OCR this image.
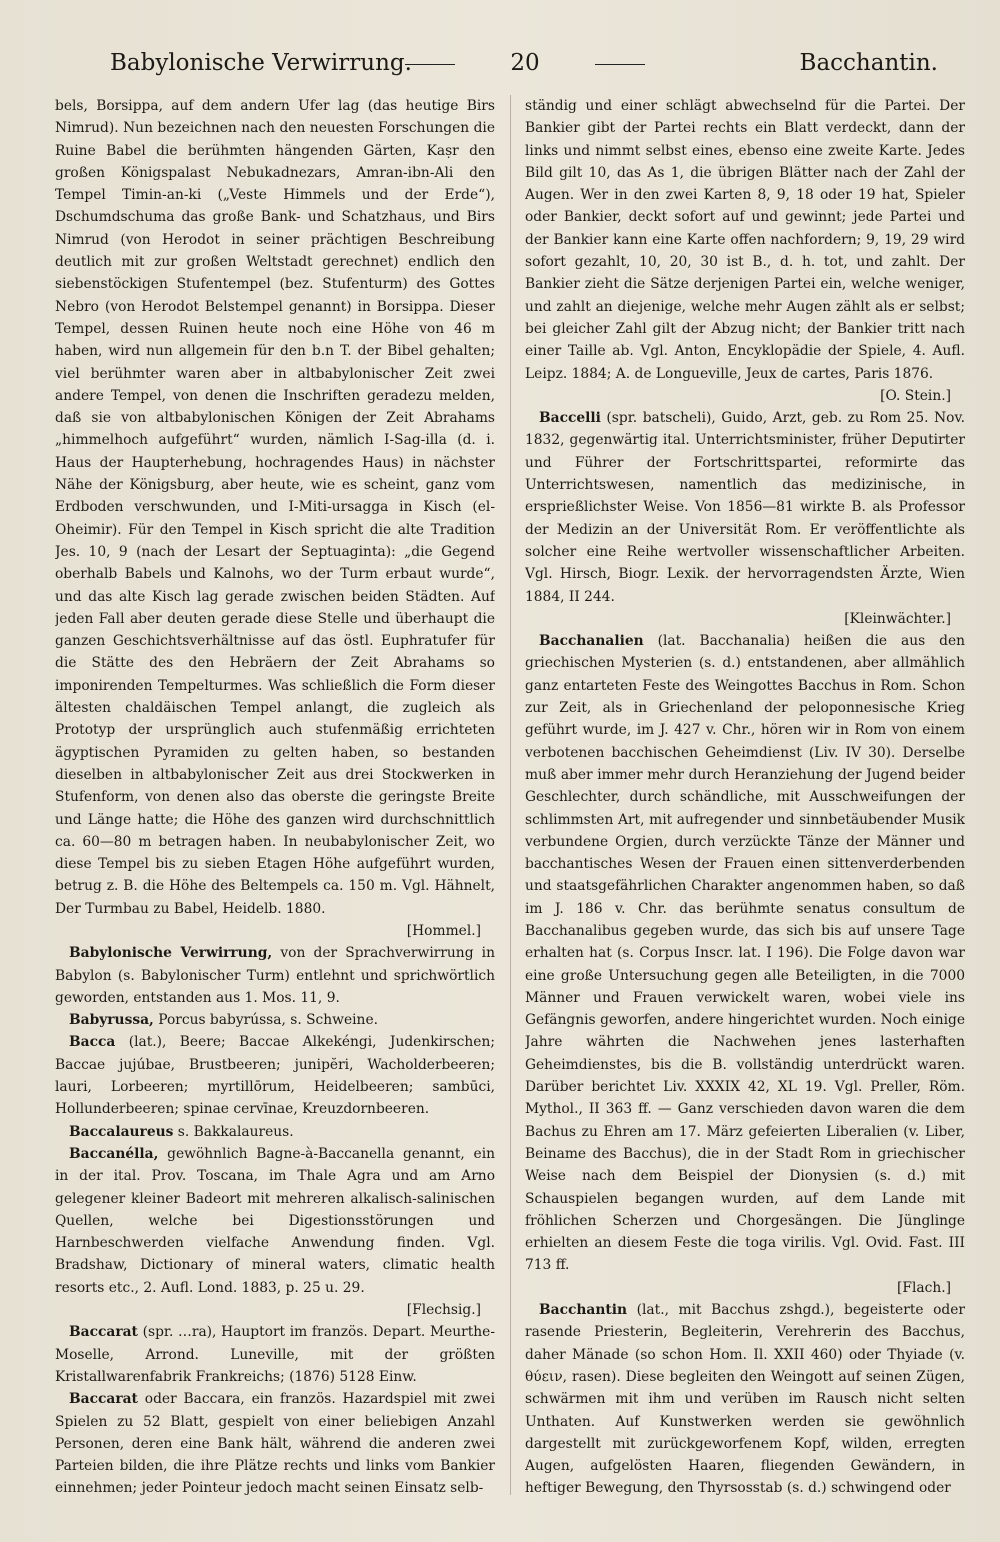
Babylonische Verwirrung.	20	Bacchantin.

bels, Borsippa, auf dem andern Ufer lag (das heutige Birs Nimrud). Nun bezeichnen nach den neuesten Forschungen die Ruine Babel die berühmten hängenden Gärten, Kaṣr den großen Königspalast Nebukadnezars, Amran-ibn-Ali den Tempel Timin-an-ki („Veste Himmels und der Erde“), Dschumdschuma das große Bank- und Schatzhaus, und Birs Nimrud (von Herodot in seiner prächtigen Beschreibung deutlich mit zur großen Weltstadt gerechnet) endlich den siebenstöckigen Stufentempel (bez. Stufenturm) des Gottes Nebro (von Herodot Belstempel genannt) in Borsippa. Dieser Tempel, dessen Ruinen heute noch eine Höhe von 46 m haben, wird nun allgemein für den b.n T. der Bibel gehalten; viel berühmter waren aber in altbabylonischer Zeit zwei andere Tempel, von denen die Inschriften geradezu melden, daß sie von altbabylonischen Königen der Zeit Abrahams „himmelhoch aufgeführt“ wurden, nämlich I-Sag-illa (d. i. Haus der Haupterhebung, hochragendes Haus) in nächster Nähe der Königsburg, aber heute, wie es scheint, ganz vom Erdboden verschwunden, und I-Miti-ursagga in Kisch (el-Oheimir). Für den Tempel in Kisch spricht die alte Tradition Jes. 10, 9 (nach der Lesart der Septuaginta): „die Gegend oberhalb Babels und Kalnohs, wo der Turm erbaut wurde“, und das alte Kisch lag gerade zwischen beiden Städten. Auf jeden Fall aber deuten gerade diese Stelle und überhaupt die ganzen Geschichtsverhältnisse auf das östl. Euphratufer für die Stätte des den Hebräern der Zeit Abrahams so imponirenden Tempelturmes. Was schließlich die Form dieser ältesten chaldäischen Tempel anlangt, die zugleich als Prototyp der ursprünglich auch stufenmäßig errichteten ägyptischen Pyramiden zu gelten haben, so bestanden dieselben in altbabylonischer Zeit aus drei Stockwerken in Stufenform, von denen also das oberste die geringste Breite und Länge hatte; die Höhe des ganzen wird durchschnittlich ca. 60—80 m betragen haben. In neubabylonischer Zeit, wo diese Tempel bis zu sieben Etagen Höhe aufgeführt wurden, betrug z. B. die Höhe des Beltempels ca. 150 m. Vgl. Hähnelt, Der Turmbau zu Babel, Heidelb. 1880.
[Hommel.]

Babylonische Verwirrung, von der Sprachverwirrung in Babylon (s. Babylonischer Turm) entlehnt und sprichwörtlich geworden, entstanden aus 1. Mos. 11, 9.

Babyrussa, Porcus babyrússa, s. Schweine.

Bacca (lat.), Beere; Baccae Alkekéngi, Judenkirschen; Baccae jujúbae, Brustbeeren; junipĕri, Wacholderbeeren; lauri, Lorbeeren; myrtillōrum, Heidelbeeren; sambūci, Hollunderbeeren; spinae cervīnae, Kreuzdornbeeren.

Baccalaureus s. Bakkalaureus.

Baccanélla, gewöhnlich Bagne-à-Baccanella genannt, ein in der ital. Prov. Toscana, im Thale Agra und am Arno gelegener kleiner Badeort mit mehreren alkalisch-salinischen Quellen, welche bei Digestionsstörungen und Harnbeschwerden vielfache Anwendung finden. Vgl. Bradshaw, Dictionary of mineral waters, climatic health resorts etc., 2. Aufl. Lond. 1883, p. 25 u. 29.
[Flechsig.]

Baccarat (spr. …ra), Hauptort im französ. Depart. Meurthe-Moselle, Arrond. Luneville, mit der größten Kristallwarenfabrik Frankreichs; (1876) 5128 Einw.

Baccarat oder Baccara, ein französ. Hazardspiel mit zwei Spielen zu 52 Blatt, gespielt von einer beliebigen Anzahl Personen, deren eine Bank hält, während die anderen zwei Parteien bilden, die ihre Plätze rechts und links vom Bankier einnehmen; jeder Pointeur jedoch macht seinen Einsatz selb-

ständig und einer schlägt abwechselnd für die Partei. Der Bankier gibt der Partei rechts ein Blatt verdeckt, dann der links und nimmt selbst eines, ebenso eine zweite Karte. Jedes Bild gilt 10, das As 1, die übrigen Blätter nach der Zahl der Augen. Wer in den zwei Karten 8, 9, 18 oder 19 hat, Spieler oder Bankier, deckt sofort auf und gewinnt; jede Partei und der Bankier kann eine Karte offen nachfordern; 9, 19, 29 wird sofort gezahlt, 10, 20, 30 ist B., d. h. tot, und zahlt. Der Bankier zieht die Sätze derjenigen Partei ein, welche weniger, und zahlt an diejenige, welche mehr Augen zählt als er selbst; bei gleicher Zahl gilt der Abzug nicht; der Bankier tritt nach einer Taille ab. Vgl. Anton, Encyklopädie der Spiele, 4. Aufl. Leipz. 1884; A. de Longueville, Jeux de cartes, Paris 1876.
[O. Stein.]

Baccelli (spr. batscheli), Guido, Arzt, geb. zu Rom 25. Nov. 1832, gegenwärtig ital. Unterrichtsminister, früher Deputirter und Führer der Fortschrittspartei, reformirte das Unterrichtswesen, namentlich das medizinische, in ersprießlichster Weise. Von 1856—81 wirkte B. als Professor der Medizin an der Universität Rom. Er veröffentlichte als solcher eine Reihe wertvoller wissenschaftlicher Arbeiten. Vgl. Hirsch, Biogr. Lexik. der hervorragendsten Ärzte, Wien 1884, II 244.
[Kleinwächter.]

Bacchanalien (lat. Bacchanalia) heißen die aus den griechischen Mysterien (s. d.) entstandenen, aber allmählich ganz entarteten Feste des Weingottes Bacchus in Rom. Schon zur Zeit, als in Griechenland der peloponnesische Krieg geführt wurde, im J. 427 v. Chr., hören wir in Rom von einem verbotenen bacchischen Geheimdienst (Liv. IV 30). Derselbe muß aber immer mehr durch Heranziehung der Jugend beider Geschlechter, durch schändliche, mit Ausschweifungen der schlimmsten Art, mit aufregender und sinnbetäubender Musik verbundene Orgien, durch verzückte Tänze der Männer und bacchantisches Wesen der Frauen einen sittenverderbenden und staatsgefährlichen Charakter angenommen haben, so daß im J. 186 v. Chr. das berühmte senatus consultum de Bacchanalibus gegeben wurde, das sich bis auf unsere Tage erhalten hat (s. Corpus Inscr. lat. I 196). Die Folge davon war eine große Untersuchung gegen alle Beteiligten, in die 7000 Männer und Frauen verwickelt waren, wobei viele ins Gefängnis geworfen, andere hingerichtet wurden. Noch einige Jahre währten die Nachwehen jenes lasterhaften Geheimdienstes, bis die B. vollständig unterdrückt waren. Darüber berichtet Liv. XXXIX 42, XL 19. Vgl. Preller, Röm. Mythol., II 363 ff. — Ganz verschieden davon waren die dem Bachus zu Ehren am 17. März gefeierten Liberalien (v. Liber, Beiname des Bacchus), die in der Stadt Rom in griechischer Weise nach dem Beispiel der Dionysien (s. d.) mit Schauspielen begangen wurden, auf dem Lande mit fröhlichen Scherzen und Chorgesängen. Die Jünglinge erhielten an diesem Feste die toga virilis. Vgl. Ovid. Fast. III 713 ff.
[Flach.]

Bacchantin (lat., mit Bacchus zshgd.), begeisterte oder rasende Priesterin, Begleiterin, Verehrerin des Bacchus, daher Mänade (so schon Hom. Il. XXII 460) oder Thyiade (v. θύειν, rasen). Diese begleiten den Weingott auf seinen Zügen, schwärmen mit ihm und verüben im Rausch nicht selten Unthaten. Auf Kunstwerken werden sie gewöhnlich dargestellt mit zurückgeworfenem Kopf, wilden, erregten Augen, aufgelösten Haaren, fliegenden Gewändern, in heftiger Bewegung, den Thyrsosstab (s. d.) schwingend oder
